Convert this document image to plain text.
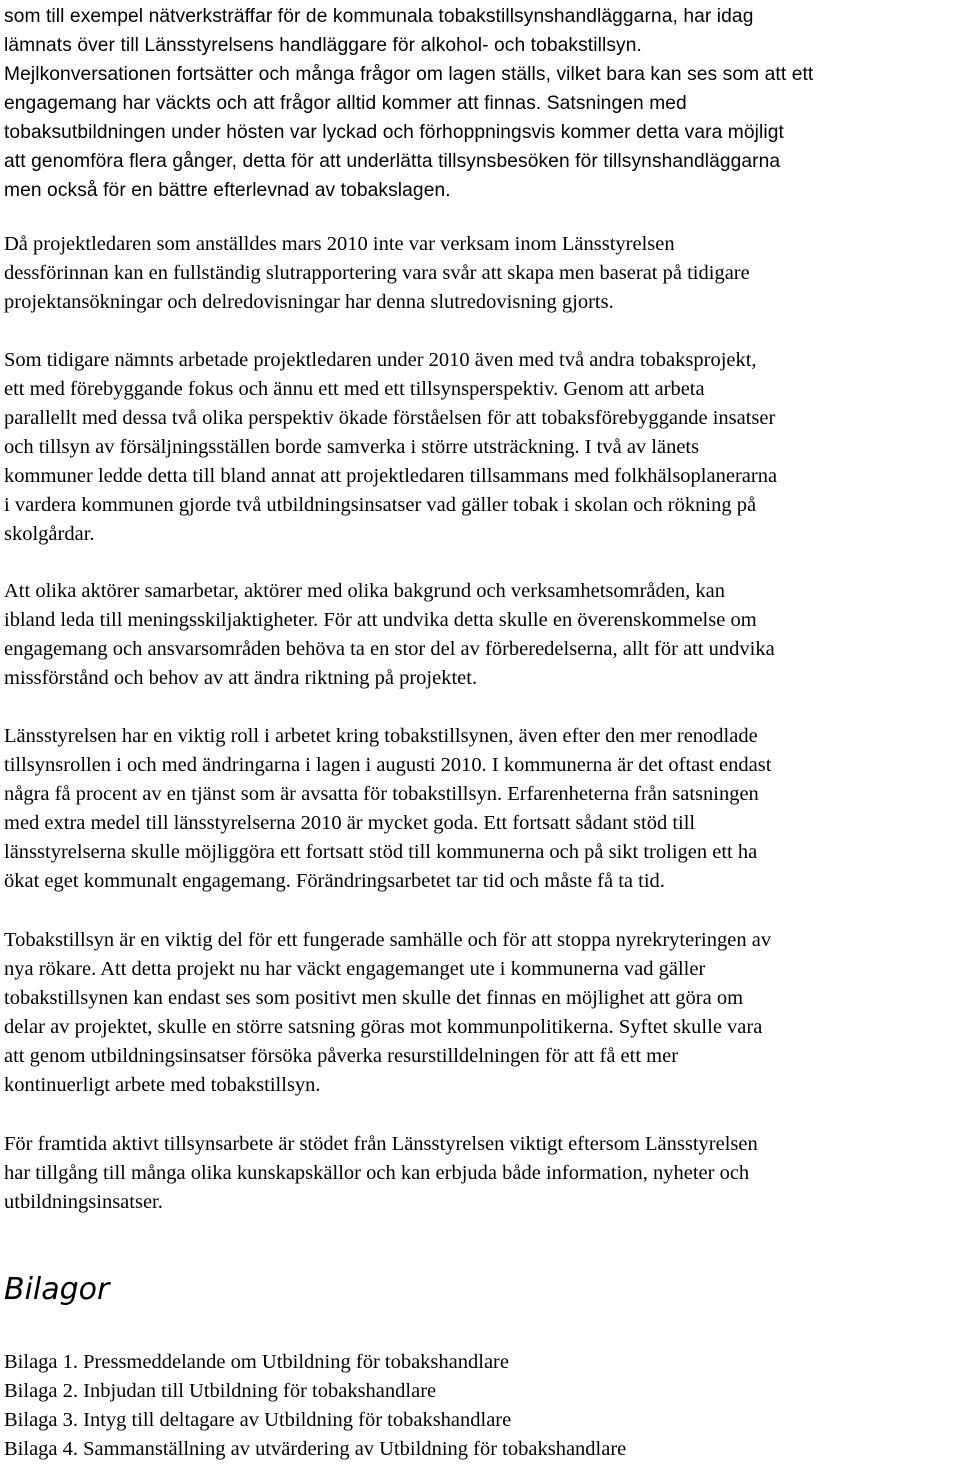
som till exempel nätverksträffar för de kommunala tobakstillsynshandläggarna, har idag
lämnats över till Länsstyrelsens handläggare för alkohol- och tobakstillsyn.
Mejlkonversationen fortsätter och många frågor om lagen ställs, vilket bara kan ses som att ett
engagemang har väckts och att frågor alltid kommer att finnas. Satsningen med
tobaksutbildningen under hösten var lyckad och förhoppningsvis kommer detta vara möjligt
att genomföra flera gånger, detta för att underlätta tillsynsbesöken för tillsynshandläggarna
men också för en bättre efterlevnad av tobakslagen.

Då projektledaren som anställdes mars 2010 inte var verksam inom Länsstyrelsen
dessförinnan kan en fullständig slutrapportering vara svår att skapa men baserat på tidigare
projektansökningar och delredovisningar har denna slutredovisning gjorts.

Som tidigare nämnts arbetade projektledaren under 2010 även med två andra tobaksprojekt,
ett med förebyggande fokus och ännu ett med ett tillsynsperspektiv. Genom att arbeta
parallellt med dessa två olika perspektiv ökade förståelsen för att tobaksförebyggande insatser
och tillsyn av försäljningsställen borde samverka i större utsträckning. I två av länets
kommuner ledde detta till bland annat att projektledaren tillsammans med folkhälsoplanerarna
i vardera kommunen gjorde två utbildningsinsatser vad gäller tobak i skolan och rökning på
skolgårdar.

Att olika aktörer samarbetar, aktörer med olika bakgrund och verksamhetsområden, kan
ibland leda till meningsskiljaktigheter. För att undvika detta skulle en överenskommelse om
engagemang och ansvarsområden behöva ta en stor del av förberedelserna, allt för att undvika
missförstånd och behov av att ändra riktning på projektet.

Länsstyrelsen har en viktig roll i arbetet kring tobakstillsynen, även efter den mer renodlade
tillsynsrollen i och med ändringarna i lagen i augusti 2010. I kommunerna är det oftast endast
några få procent av en tjänst som är avsatta för tobakstillsyn. Erfarenheterna från satsningen
med extra medel till länsstyrelserna 2010 är mycket goda. Ett fortsatt sådant stöd till
länsstyrelserna skulle möjliggöra ett fortsatt stöd till kommunerna och på sikt troligen ett ha
ökat eget kommunalt engagemang. Förändringsarbetet tar tid och måste få ta tid.

Tobakstillsyn är en viktig del för ett fungerade samhälle och för att stoppa nyrekryteringen av
nya rökare. Att detta projekt nu har väckt engagemanget ute i kommunerna vad gäller
tobakstillsynen kan endast ses som positivt men skulle det finnas en möjlighet att göra om
delar av projektet, skulle en större satsning göras mot kommunpolitikerna. Syftet skulle vara
att genom utbildningsinsatser försöka påverka resurstilldelningen för att få ett mer
kontinuerligt arbete med tobakstillsyn.

För framtida aktivt tillsynsarbete är stödet från Länsstyrelsen viktigt eftersom Länsstyrelsen
har tillgång till många olika kunskapskällor och kan erbjuda både information, nyheter och
utbildningsinsatser.

Bilagor
Bilaga 1. Pressmeddelande om Utbildning för tobakshandlare
Bilaga 2. Inbjudan till Utbildning för tobakshandlare
Bilaga 3. Intyg till deltagare av Utbildning för tobakshandlare
Bilaga 4. Sammanställning av utvärdering av Utbildning för tobakshandlare
